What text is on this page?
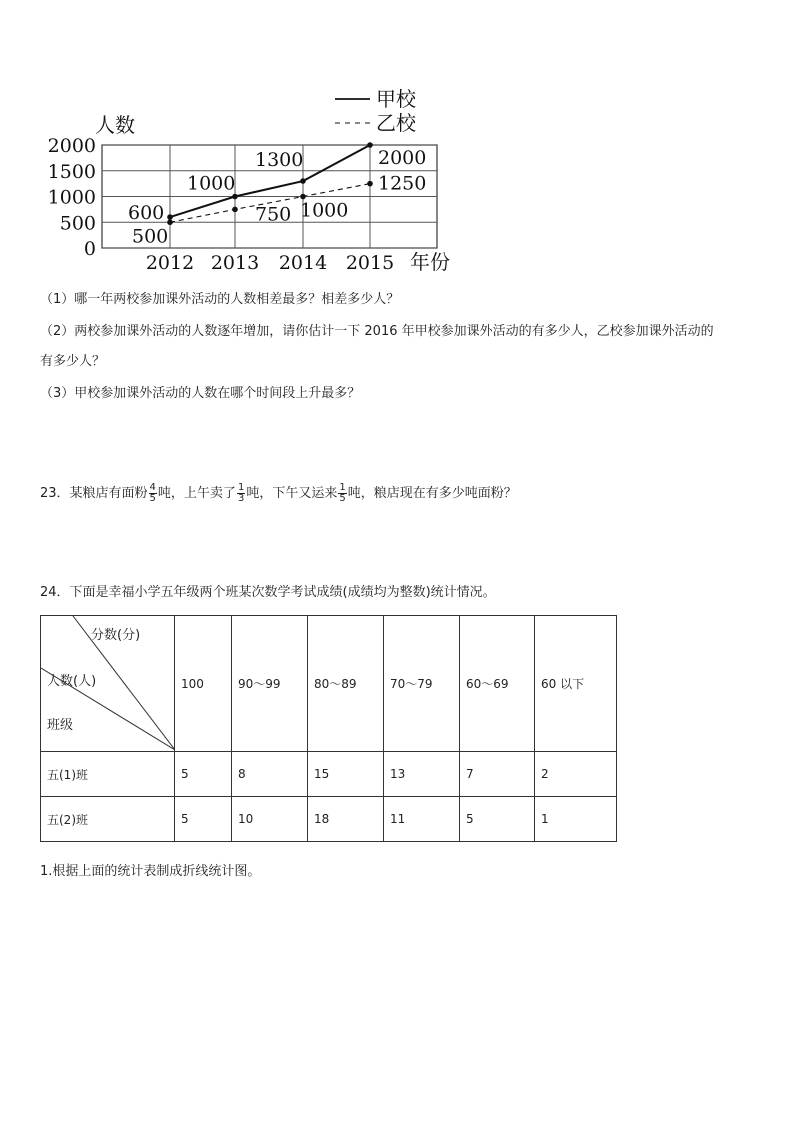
0
500
1000
1500
2000
2012 2013 2014 2015
600
1000
1300	2000
500
750 1000
1250
甲校
乙校
人数
年份
（1）哪一年两校参加课外活动的人数相差最多？相差多少人？
（2）两校参加课外活动的人数逐年增加，请你估计一下 2016 年甲校参加课外活动的有多少人，乙校参加课外活动的
有多少人？
（3）甲校参加课外活动的人数在哪个时间段上升最多？
23．某粮店有面粉 $\frac{4}{5}$ 吨，上午卖了 $\frac{1}{3}$ 吨，下午又运来 $\frac{1}{5}$ 吨，粮店现在有多少吨面粉？
24．下面是幸福小学五年级两个班某次数学考试成绩(成绩均为整数)统计情况。
分数(分)
人数(人)
班级	100	90～99	80～89	70～79	60～69	60 以下
五(1)班	5	8	15	13	7	2
五(2)班	5	10	18	11	5	1
1.根据上面的统计表制成折线统计图。
